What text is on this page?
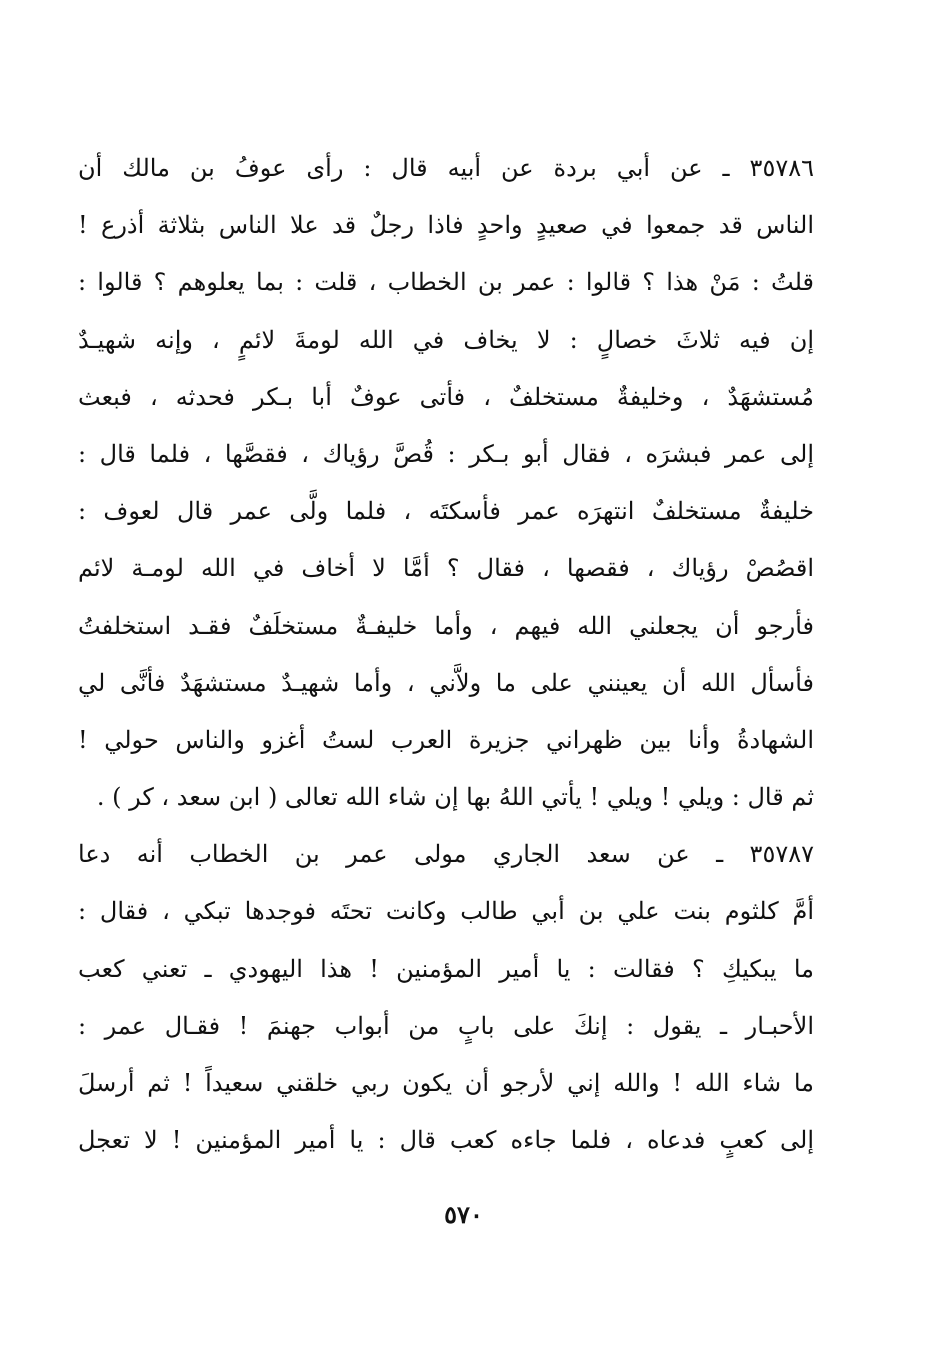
٣٥٧٨٦ ـ عن أبي بردة عن أبيه قال : رأى عوفُ بن مالك أن
الناس قد جمعوا في صعيدٍ واحدٍ فاذا رجلٌ قد علا الناس بثلاثة أذرع !
قلتُ : مَنْ هذا ؟ قالوا : عمر بن الخطاب ، قلت : بما يعلوهم ؟ قالوا :
إن فيه ثلاثَ خصالٍ : لا يخاف في الله لومةَ لائمٍ ، وإنه شهيـدٌ
مُستشهَدٌ ، وخليفةٌ مستخلفٌ ، فأتى عوفٌ أبا بـكر فحدثه ، فبعث
إلى عمر فبشرَه ، فقال أبو بـكر : قُصَّ رؤياك ، فقصَّها ، فلما قال :
خليفةٌ مستخلفٌ انتهرَه عمر فأسكتَه ، فلما ولَّى عمر قال لعوف :
اقصُصْ رؤياك ، فقصها ، فقال ؟ أمَّا لا أخاف في الله لومـة لائم
فأرجو أن يجعلني الله فيهم ، وأما خليفـةٌ مستخلَفٌ فقـد استخلفتُ
فأسأل الله أن يعينني على ما ولاَّني ، وأما شهيـدٌ مستشهَدٌ فأنَّى لي
الشهادةُ وأنا بين ظهراني جزيرة العرب لستُ أغزو والناس حولي !
ثم قال : ويلي ! ويلي ! يأتي اللهُ بها إن شاء الله تعالى ( ابن سعد ، كر ) .
٣٥٧٨٧ ـ عن سعد الجاري مولى عمر بن الخطاب أنه دعا
أمَّ كلثوم بنت علي بن أبي طالب وكانت تحتَه فوجدها تبكي ، فقال :
ما يبكيكِ ؟ فقالت : يا أمير المؤمنين ! هذا اليهودي ـ تعني كعب
الأحبـار ـ يقول : إنكَ على بابٍ من أبواب جهنمَ ! فقـال عمر :
ما شاء الله ! والله إني لأرجو أن يكون ربي خلقني سعيداً ! ثم أرسلَ
إلى كعبٍ فدعاه ، فلما جاءه كعب قال : يا أمير المؤمنين ! لا تعجل
٥٧٠
